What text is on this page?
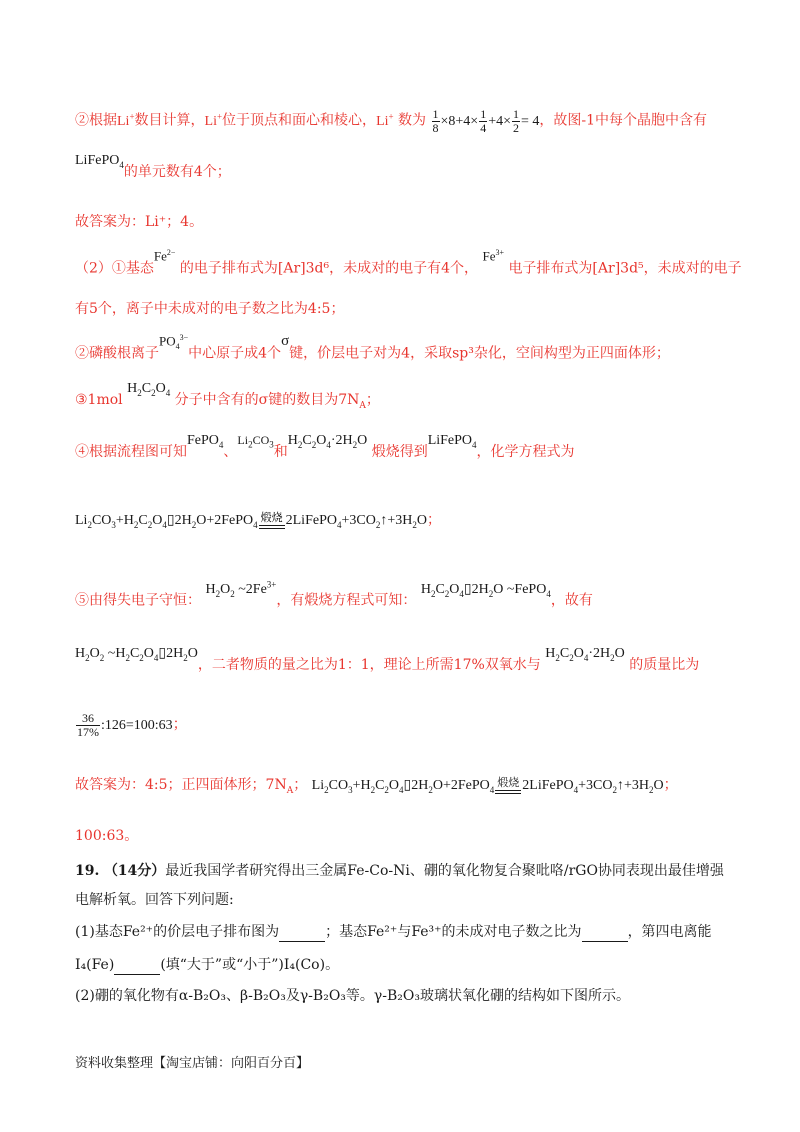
②根据Li+数目计算，Li+位于顶点和面心和棱心，Li+ 数为 $\frac{1}{8} \times 8+4\times \frac{1}{4} +4\times \frac{1}{2} = 4$，故图-1中每个晶胞中含有
LiFePO$_4$的单元数有4个；
故答案为：Li⁺；4。
（2）①基态$Fe^{2-}$ 的电子排布式为[Ar]3d⁶，未成对的电子有4个， $Fe^{3+}$ 电子排布式为[Ar]3d⁵，未成对的电子
有5个，离子中未成对的电子数之比为4:5；
②磷酸根离子$PO_4^{3-}$中心原子成4个σ键，价层电子对为4，采取sp³杂化，空间构型为正四面体形；
③1mol $H_2C_2O_4$ 分子中含有的σ键的数目为$7N_A$；
④根据流程图可知FePO$_4$、$Li_2CO_3$和$H_2C_2O_4\cdot 2H_2O$ 煅烧得到LiFePO$_4$，化学方程式为
$Li_2CO_3+H_2C_2O_4▯2H_2O+2FePO_4$
煅烧 $2LiFePO_4+3CO_2↑+3H_2O$；
⑤由得失电子守恒： $H_2O_2$ $\sim 2Fe^{3+}$，有煅烧方程式可知： $H_2C_2O_4▯2H_2O$ ~FePO$_4$，故有
$H_2O_2$ $\sim H_2C_2O_4▯2H_2O$，二者物质的量之比为1：1，理论上所需17%双氧水与 $H_2C_2O_4\cdot 2H_2O$ 的质量比为
$\frac{36}{17\%}$ :126=100:63；
故答案为：4:5；正四面体形；$7N_A$； $Li_2CO_3+H_2C_2O_4▯2H_2O+2FePO_4$
煅烧 $2LiFePO_4+3CO_2↑+3H_2O$；
100:63。
19. （14分）最近我国学者研究得出三金属Fe-Co-Ni、硼的氧化物复合聚吡咯/rGO协同表现出最佳增强
电解析氧。回答下列问题:
(1)基态Fe²⁺的价层电子排布图为	；基态Fe²⁺与Fe³⁺的未成对电子数之比为	，第四电离能
I₄(Fe)	(填“大于”或“小于”)I₄(Co)。
(2)硼的氧化物有α-B₂O₃、β-B₂O₃及γ-B₂O₃等。γ-B₂O₃玻璃状氧化硼的结构如下图所示。
资料收集整理【淘宝店铺：向阳百分百】
